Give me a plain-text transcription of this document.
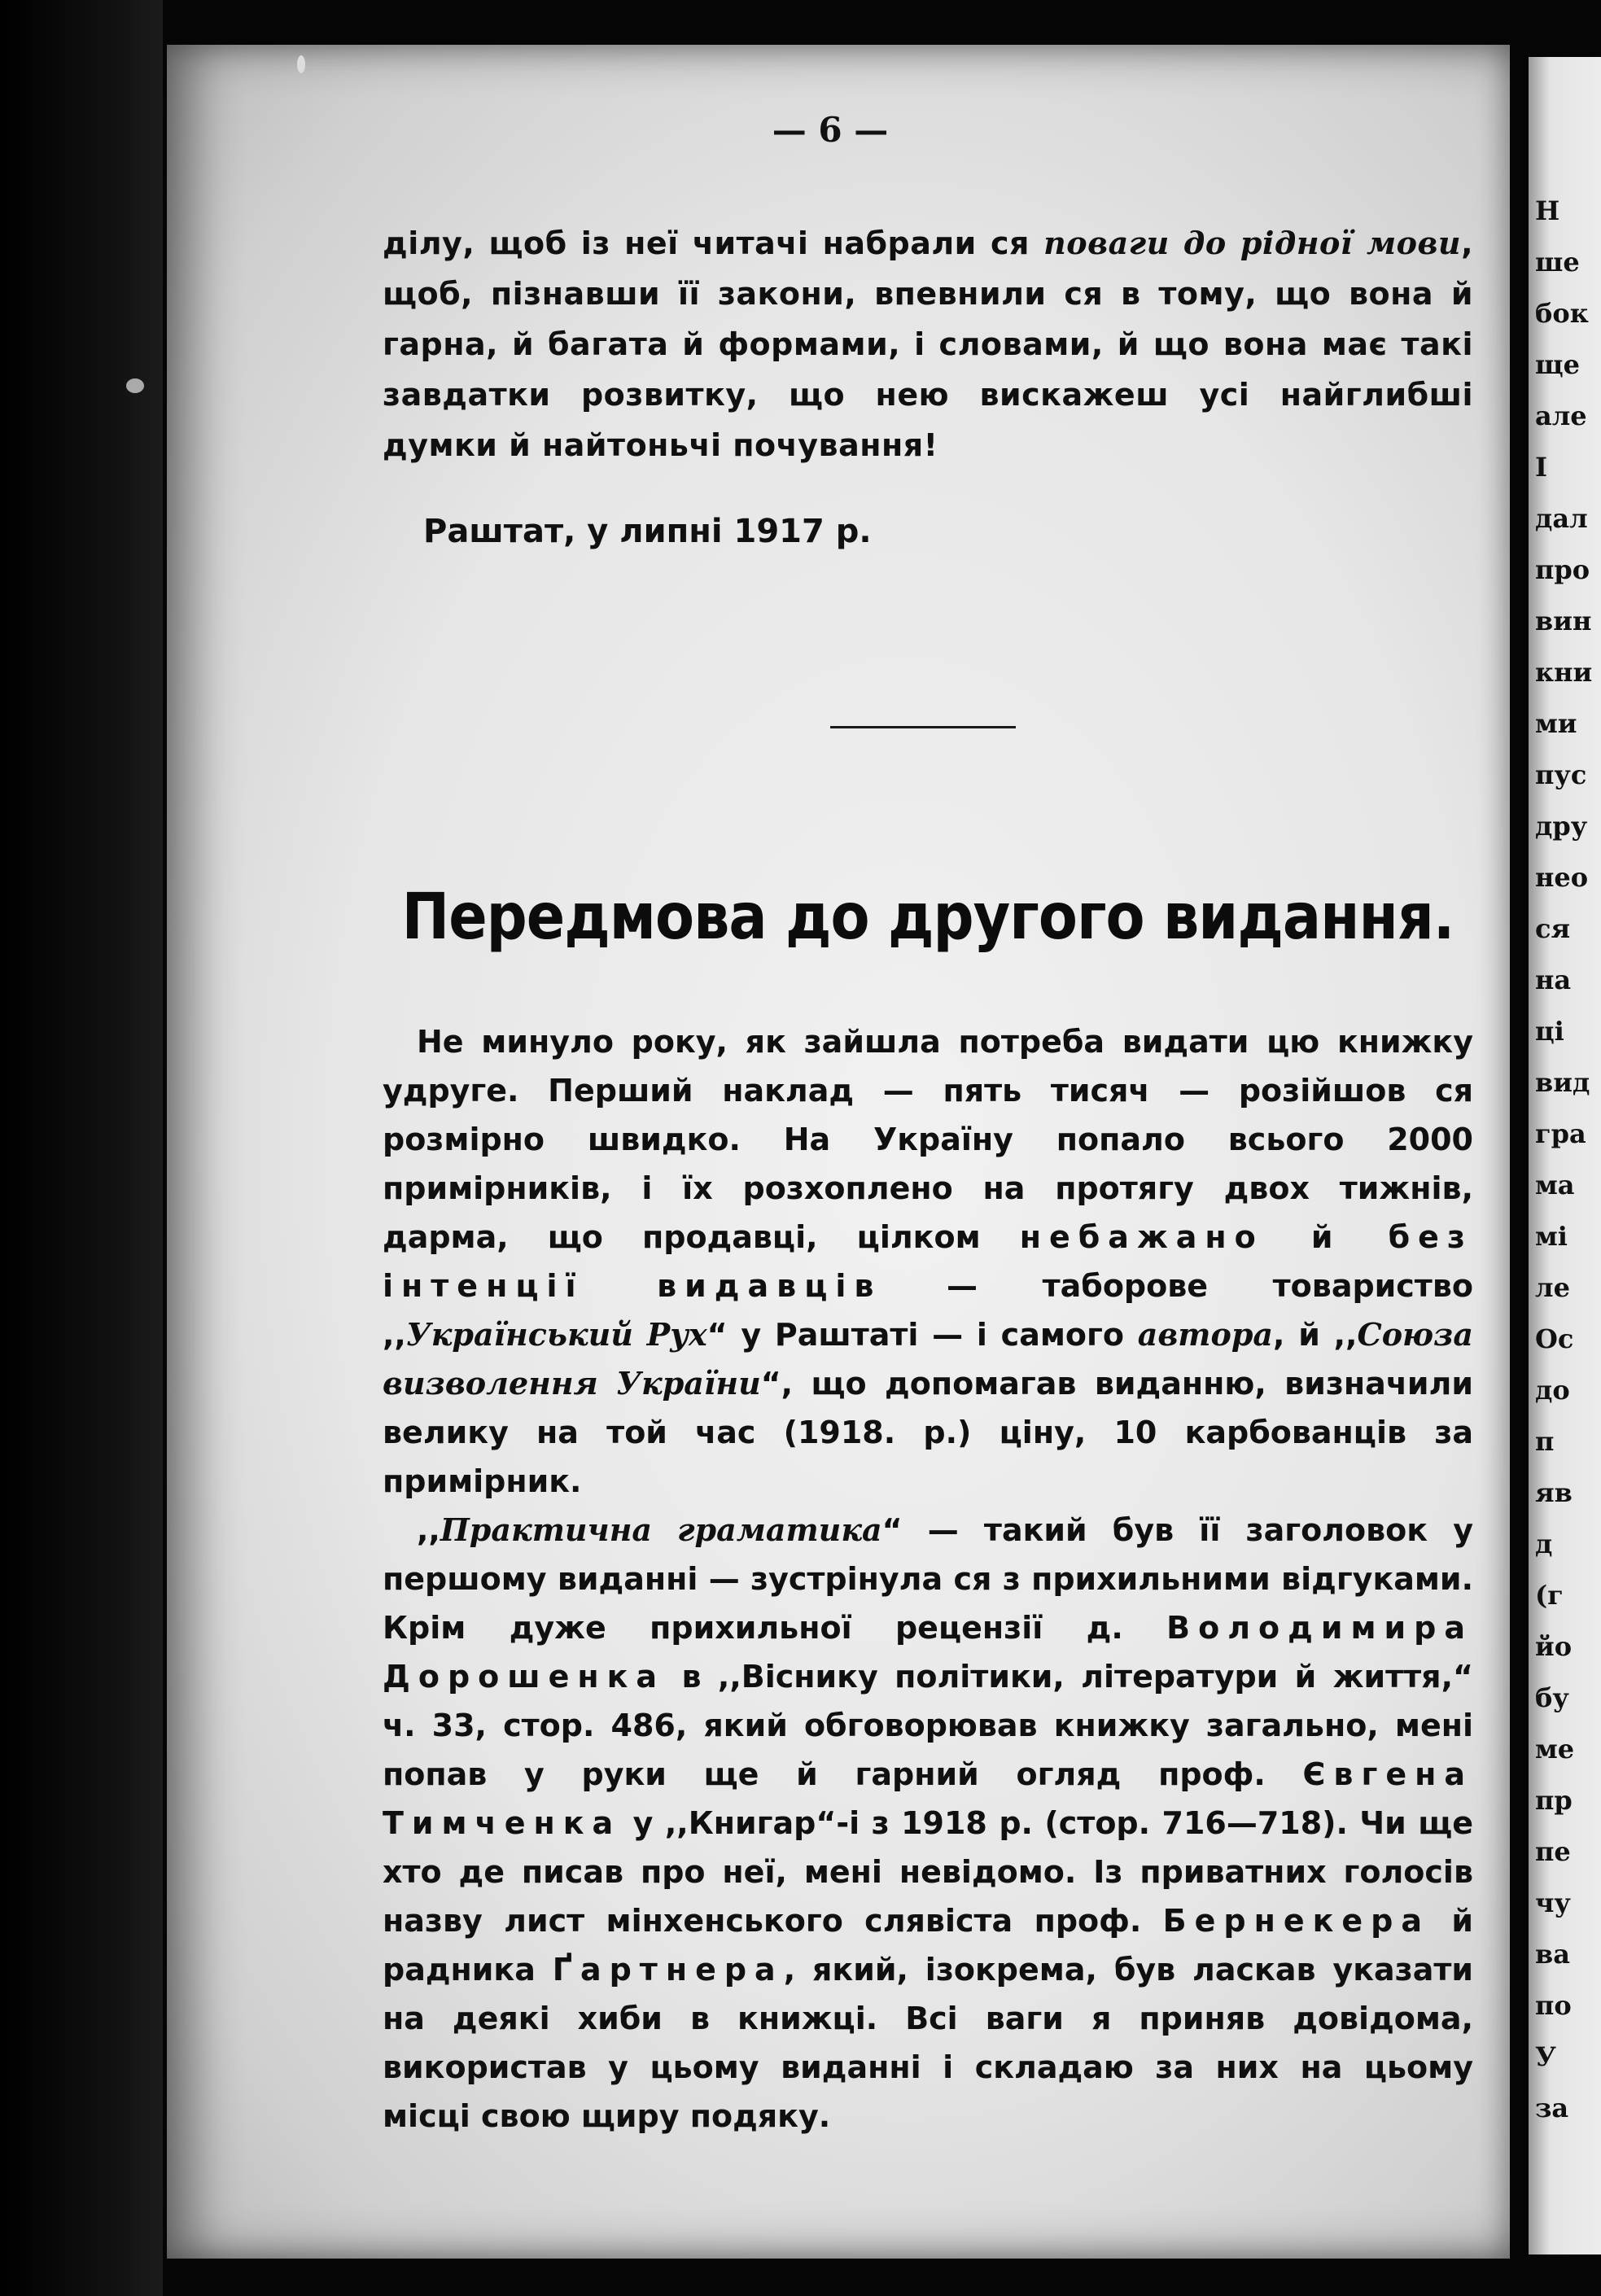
Н
ше
бок
ще
але
І
дал
про
вин
кни
ми
пус
дру
нео
ся
на
ці
вид
гра
ма
мі
ле
Ос
до
п
яв
д
(г
йо
бу
ме
пр
пе
чу
ва
по
У
за
— 6 —

ділу, щоб із неї читачі набрали ся поваги до рідної мови, щоб, пізнавши її закони, впевнили ся в тому, що вона й гарна, й багата й формами, і словами, й що вона має такі завдатки розвитку, що нею вискажеш усі найглибші думки й найтоньчі почування!

Раштат, у липні 1917 р.
Передмова до другого видання.

Не минуло року, як зайшла потреба видати цю книжку удруге. Перший наклад — пять тисяч — розійшов ся розмірно швидко. На Україну попало всього 2000 примірників, і їх розхоплено на протягу двох тижнів, дарма, що продавці, цілком небажано й без інтенції видавців — таборове товариство ,,Український Рух“ у Раштаті — і самого автора, й ,,Союза визволення України“, що допомагав виданню, визначили велику на той час (1918. р.) ціну, 10 карбованців за примірник.

,,Практична граматика“ — такий був її заголовок у першому виданні — зустрінула ся з прихильними відгуками. Крім дуже прихильної рецензії д. Володимира Дорошенка в ,,Віснику політики, літератури й життя,“ ч. 33, стор. 486, який обговорював книжку загально, мені попав у руки ще й гарний огляд проф. Євгена Тимченка у ,,Книгар“-і з 1918 р. (стор. 716—718). Чи ще хто де писав про неї, мені невідомо. Із приватних голосів назву лист мінхенського слявіста проф. Бернекера й радника Ґартнера, який, ізокрема, був ласкав указати на деякі хиби в книжці. Всі ваги я приняв довідома, використав у цьому виданні і складаю за них на цьому місці свою щиру подяку.
